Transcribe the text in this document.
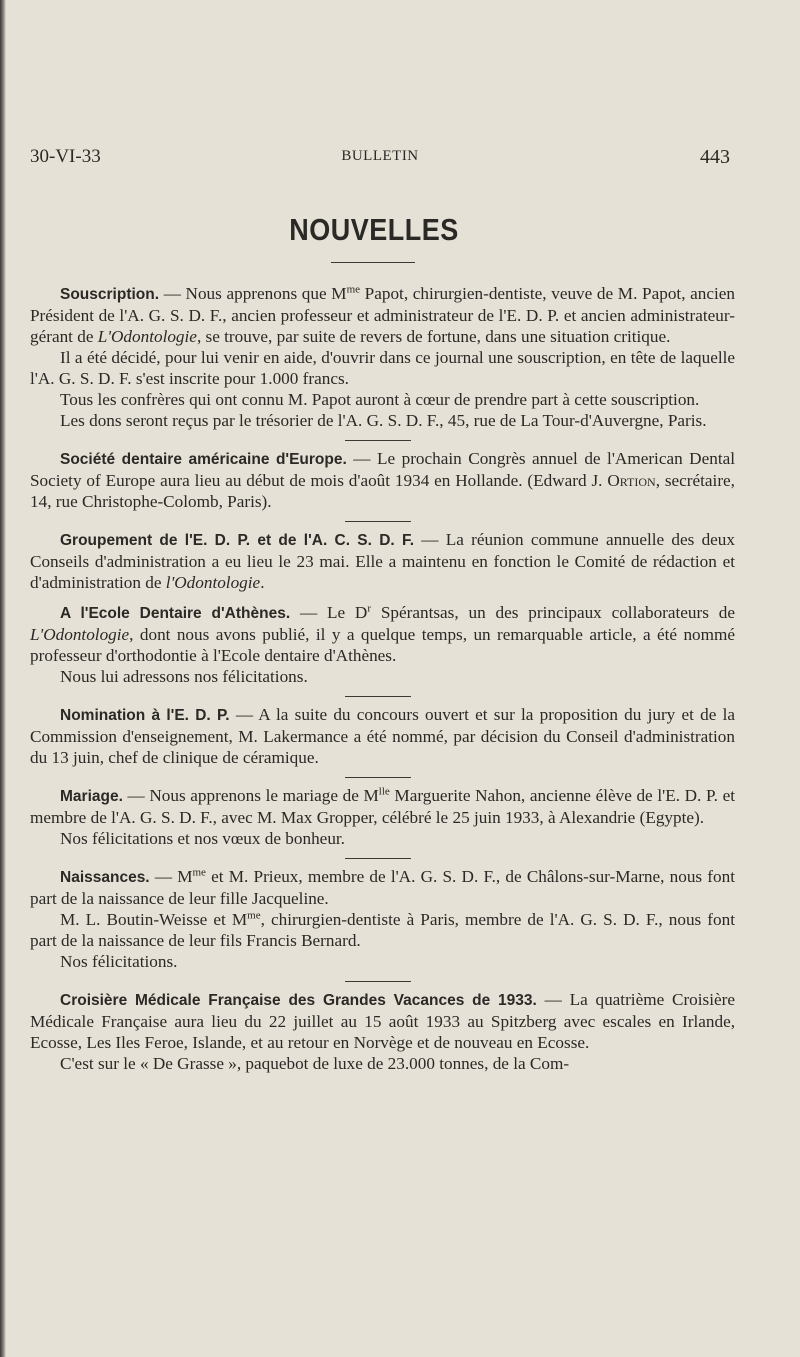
30-VI-33	BULLETIN	443
NOUVELLES

Souscription. — Nous apprenons que $M^{me}$ Papot, chirurgien-dentiste, veuve de M. Papot, ancien Président de l'A. G. S. D. F., ancien professeur et administrateur de l'E. D. P. et ancien administrateur-gérant de L'Odontologie, se trouve, par suite de revers de fortune, dans une situation critique.

Il a été décidé, pour lui venir en aide, d'ouvrir dans ce journal une souscription, en tête de laquelle l'A. G. S. D. F. s'est inscrite pour 1.000 francs.

Tous les confrères qui ont connu M. Papot auront à cœur de prendre part à cette souscription.

Les dons seront reçus par le trésorier de l'A. G. S. D. F., 45, rue de La Tour-d'Auvergne, Paris.

Société dentaire américaine d'Europe. — Le prochain Congrès annuel de l'American Dental Society of Europe aura lieu au début de mois d'août 1934 en Hollande. (Edward J. Ortion, secrétaire, 14, rue Christophe-Colomb, Paris).

Groupement de l'E. D. P. et de l'A. C. S. D. F. — La réunion commune annuelle des deux Conseils d'administration a eu lieu le 23 mai. Elle a maintenu en fonction le Comité de rédaction et d'administration de l'Odontologie.

A l'Ecole Dentaire d'Athènes. — Le $D^r$ Spérantsas, un des principaux collaborateurs de L'Odontologie, dont nous avons publié, il y a quelque temps, un remarquable article, a été nommé professeur d'orthodontie à l'Ecole dentaire d'Athènes.

Nous lui adressons nos félicitations.

Nomination à l'E. D. P. — A la suite du concours ouvert et sur la proposition du jury et de la Commission d'enseignement, M. Lakermance a été nommé, par décision du Conseil d'administration du 13 juin, chef de clinique de céramique.

Mariage. — Nous apprenons le mariage de $M^{lle}$ Marguerite Nahon, ancienne élève de l'E. D. P. et membre de l'A. G. S. D. F., avec M. Max Gropper, célébré le 25 juin 1933, à Alexandrie (Egypte).

Nos félicitations et nos vœux de bonheur.

Naissances. — $M^{me}$ et M. Prieux, membre de l'A. G. S. D. F., de Châlons-sur-Marne, nous font part de la naissance de leur fille Jacqueline.

M. L. Boutin-Weisse et $M^{me}$, chirurgien-dentiste à Paris, membre de l'A. G. S. D. F., nous font part de la naissance de leur fils Francis Bernard.

Nos félicitations.

Croisière Médicale Française des Grandes Vacances de 1933. — La quatrième Croisière Médicale Française aura lieu du 22 juillet au 15 août 1933 au Spitzberg avec escales en Irlande, Ecosse, Les Iles Feroe, Islande, et au retour en Norvège et de nouveau en Ecosse.

C'est sur le « De Grasse », paquebot de luxe de 23.000 tonnes, de la Com-
